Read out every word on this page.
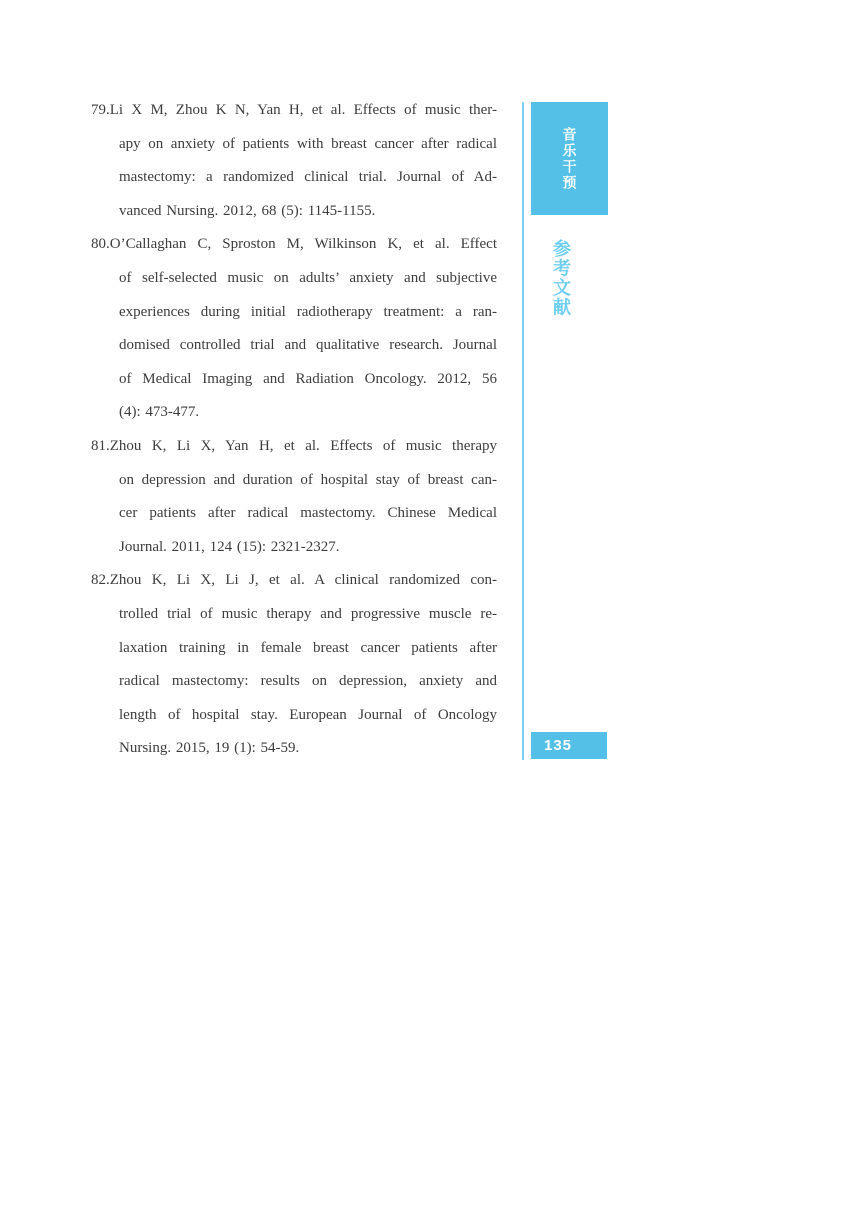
79.Li X M, Zhou K N, Yan H, et al. Effects of music ther-
apy on anxiety of patients with breast cancer after radical
mastectomy: a randomized clinical trial. Journal of Ad-
vanced Nursing. 2012, 68 (5): 1145-1155.
80.O’Callaghan C, Sproston M, Wilkinson K, et al. Effect
of self-selected music on adults’ anxiety and subjective
experiences during initial radiotherapy treatment: a ran-
domised controlled trial and qualitative research. Journal
of Medical Imaging and Radiation Oncology. 2012, 56
(4): 473-477.
81.Zhou K, Li X, Yan H, et al. Effects of music therapy
on depression and duration of hospital stay of breast can-
cer patients after radical mastectomy. Chinese Medical
Journal. 2011, 124 (15): 2321-2327.
82.Zhou K, Li X, Li J, et al. A clinical randomized con-
trolled trial of music therapy and progressive muscle re-
laxation training in female breast cancer patients after
radical mastectomy: results on depression, anxiety and
length of hospital stay. European Journal of Oncology
Nursing. 2015, 19 (1): 54-59.
音乐干预
参考文献
135
